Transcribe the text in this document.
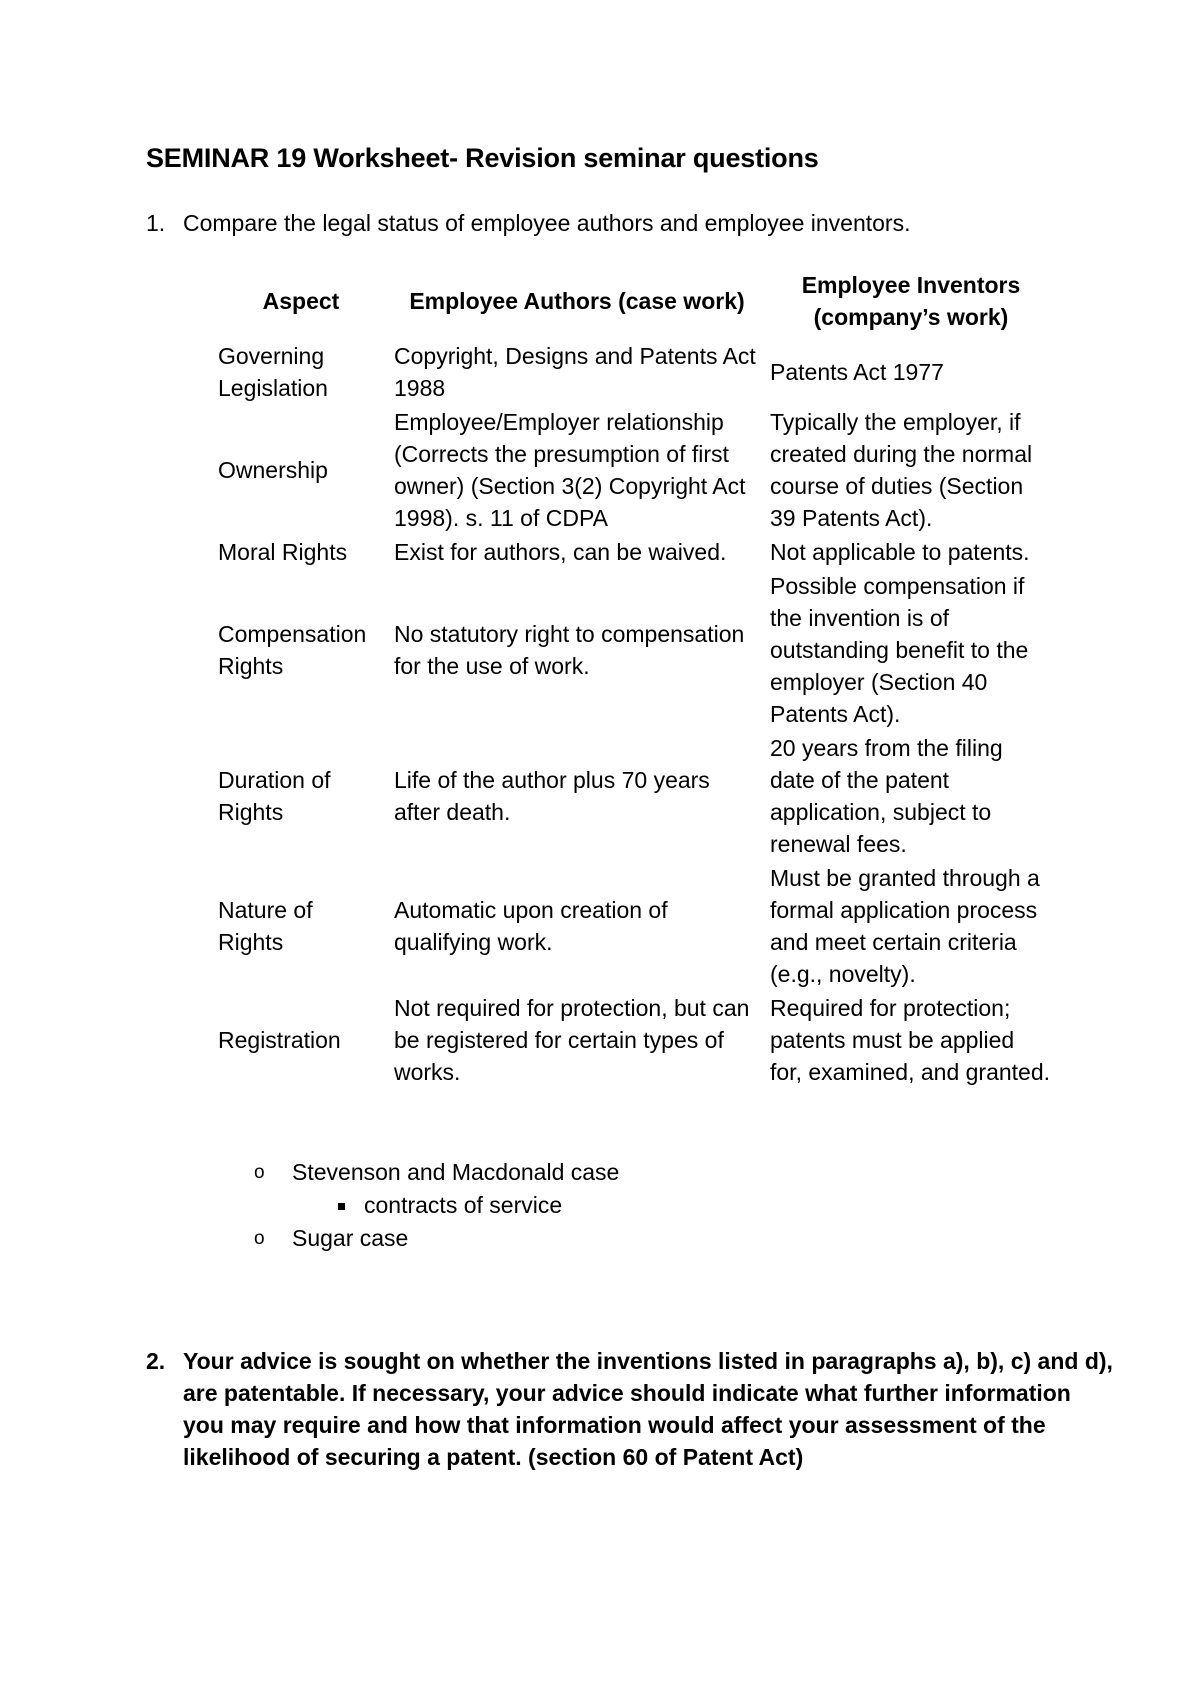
SEMINAR 19 Worksheet- Revision seminar questions
1. Compare the legal status of employee authors and employee inventors.
Aspect	Employee Authors (case work)	Employee Inventors (company’s work)
Governing Legislation	Copyright, Designs and Patents Act 1988	Patents Act 1977
Ownership	Employee/Employer relationship (Corrects the presumption of first owner) (Section 3(2) Copyright Act 1998). s. 11 of CDPA	Typically the employer, if created during the normal course of duties (Section 39 Patents Act).
Moral Rights	Exist for authors, can be waived.	Not applicable to patents.
Compensation Rights	No statutory right to compensation for the use of work.	Possible compensation if the invention is of outstanding benefit to the employer (Section 40 Patents Act).
Duration of Rights	Life of the author plus 70 years after death.	20 years from the filing date of the patent application, subject to renewal fees.
Nature of Rights	Automatic upon creation of qualifying work.	Must be granted through a formal application process and meet certain criteria (e.g., novelty).
Registration	Not required for protection, but can be registered for certain types of works.	Required for protection; patents must be applied for, examined, and granted.
o Stevenson and Macdonald case
contracts of service
o Sugar case
2. Your advice is sought on whether the inventions listed in paragraphs a), b), c) and d), are patentable. If necessary, your advice should indicate what further information you may require and how that information would affect your assessment of the likelihood of securing a patent. (section 60 of Patent Act)
